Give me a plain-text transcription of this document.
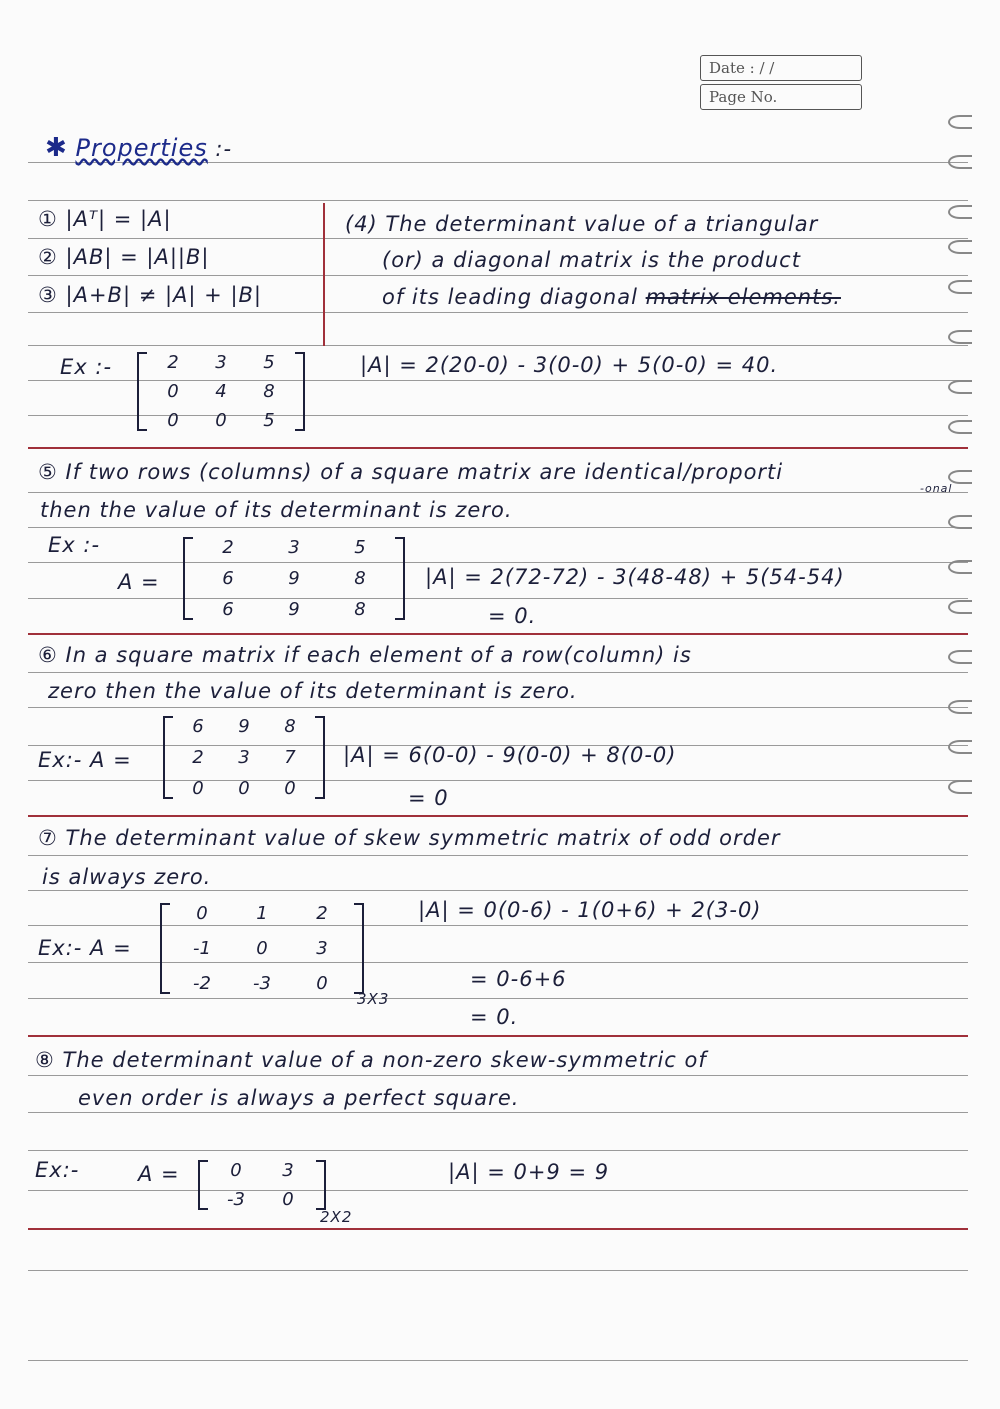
Date : / /
Page No.
✱ Properties :-
① |Aᵀ| = |A|
② |AB| = |A||B|
③ |A+B| ≠ |A| + |B|
(4) The determinant value of a triangular
(or) a diagonal matrix is the product
of its leading diagonal matrix elements.
Ex :-	2	3	5
0	4	8
0	0	5
|A| = 2(20-0) - 3(0-0) + 5(0-0) = 40.
⑤ If two rows (columns) of a square matrix are identical/proporti
-onal
then the value of its determinant is zero.
Ex :-
A =
2	3	5
6	9	8
6	9	8
|A| = 2(72-72) - 3(48-48) + 5(54-54)
= 0.
⑥ In a square matrix if each element of a row(column) is
zero then the value of its determinant is zero.
Ex:- A =
6	9	8
2	3	7
0	0	0
|A| = 6(0-0) - 9(0-0) + 8(0-0)
= 0
⑦ The determinant value of skew symmetric matrix of odd order
is always zero.
Ex:- A =
0	1	2
-1	0	3
-2	-3	0
3X3
|A| = 0(0-6) - 1(0+6) + 2(3-0)
= 0-6+6
= 0.
⑧ The determinant value of a non-zero skew-symmetric of
even order is always a perfect square.
Ex:-	A =	0	3
-3	0
2X2
|A| = 0+9 = 9
